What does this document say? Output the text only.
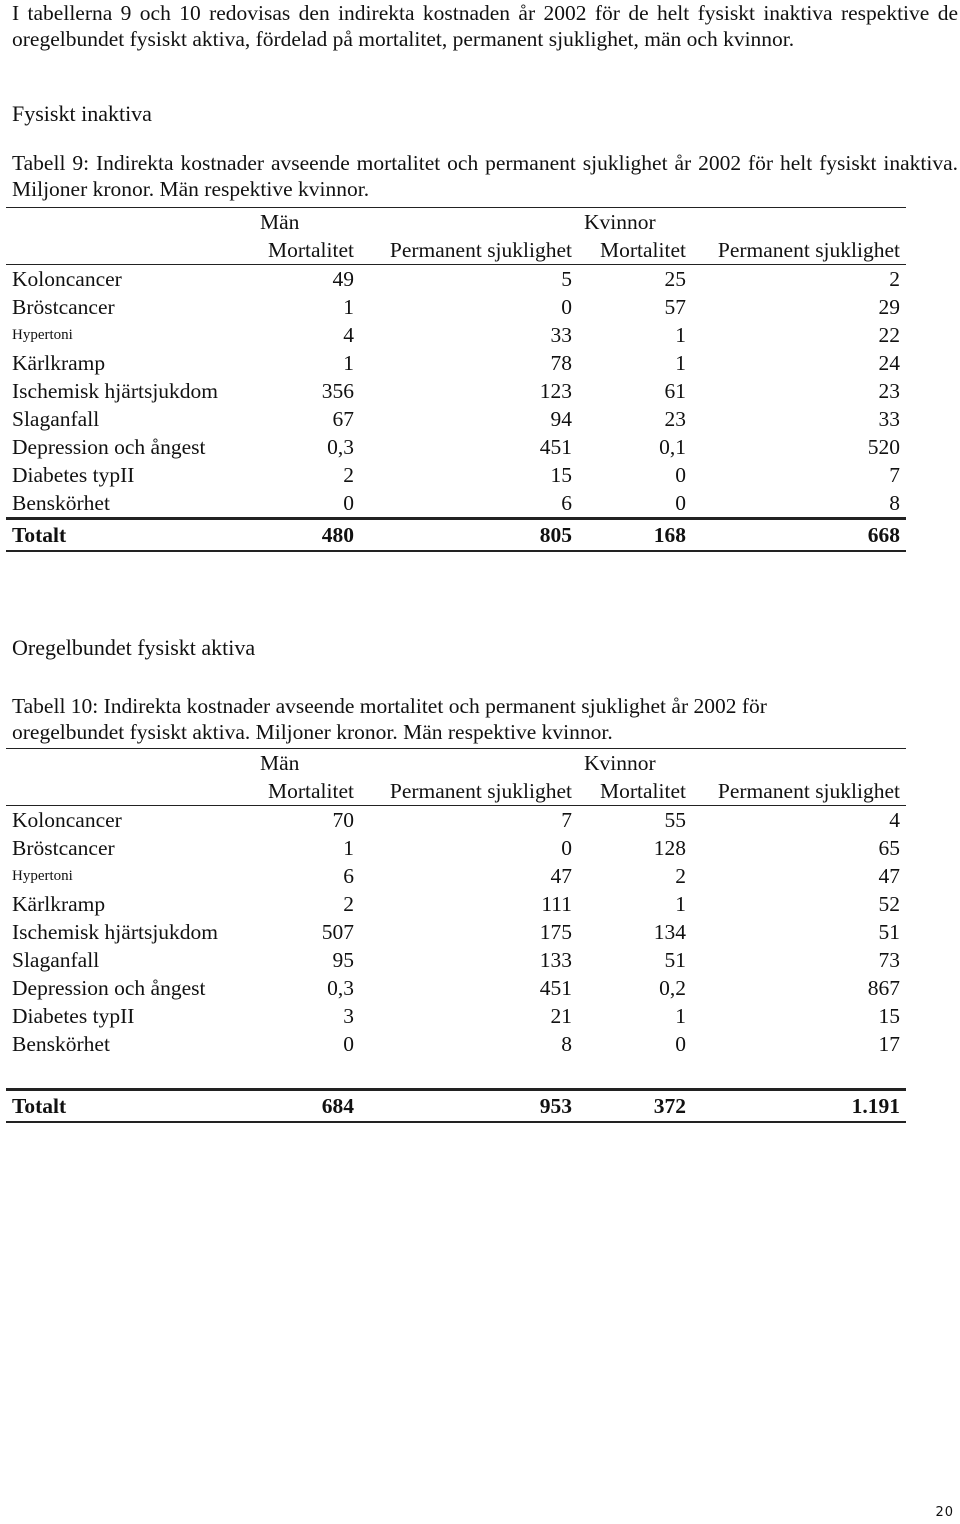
I tabellerna 9 och 10 redovisas den indirekta kostnaden år 2002 för de helt fysiskt inaktiva respektive de oregelbundet fysiskt aktiva, fördelad på mortalitet, permanent sjuklighet, män och kvinnor.
Fysiskt inaktiva
Tabell 9: Indirekta kostnader avseende mortalitet och permanent sjuklighet år 2002 för helt fysiskt inaktiva. Miljoner kronor. Män respektive kvinnor.
	Män		Kvinnor	
	Mortalitet	Permanent sjuklighet	Mortalitet	Permanent sjuklighet
Koloncancer	49	5	25	2
Bröstcancer	1	0	57	29
Hypertoni	4	33	1	22
Kärlkramp	1	78	1	24
Ischemisk hjärtsjukdom	356	123	61	23
Slaganfall	67	94	23	33
Depression och ångest	0,3	451	0,1	520
Diabetes typII	2	15	0	7
Benskörhet	0	6	0	8
Totalt	480	805	168	668
Oregelbundet fysiskt aktiva
Tabell 10: Indirekta kostnader avseende mortalitet och permanent sjuklighet år 2002 för oregelbundet fysiskt aktiva. Miljoner kronor. Män respektive kvinnor.
	Män		Kvinnor	
	Mortalitet	Permanent sjuklighet	Mortalitet	Permanent sjuklighet
Koloncancer	70	7	55	4
Bröstcancer	1	0	128	65
Hypertoni	6	47	2	47
Kärlkramp	2	111	1	52
Ischemisk hjärtsjukdom	507	175	134	51
Slaganfall	95	133	51	73
Depression och ångest	0,3	451	0,2	867
Diabetes typII	3	21	1	15
Benskörhet	0	8	0	17

Totalt	684	953	372	1.191
20
